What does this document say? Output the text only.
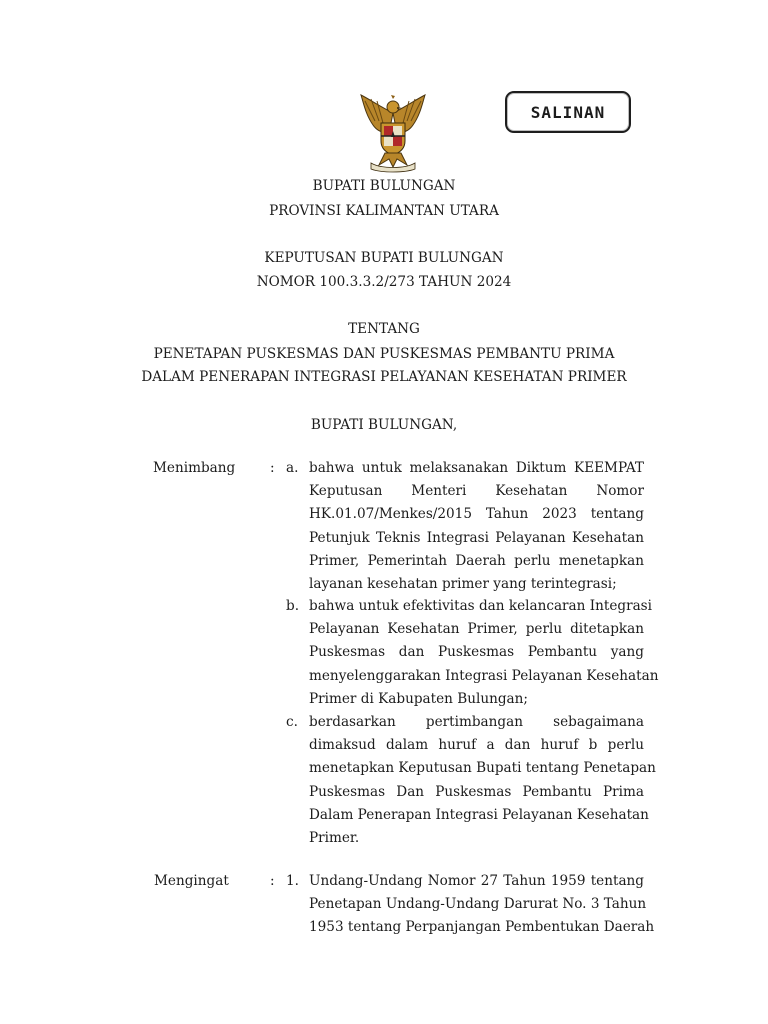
SALINAN
BUPATI BULUNGAN
PROVINSI KALIMANTAN UTARA
KEPUTUSAN BUPATI BULUNGAN
NOMOR 100.3.3.2/273 TAHUN 2024
TENTANG
PENETAPAN PUSKESMAS DAN PUSKESMAS PEMBANTU PRIMA
DALAM PENERAPAN INTEGRASI PELAYANAN KESEHATAN PRIMER
BUPATI BULUNGAN,
Menimbang	: a. bahwa untuk melaksanakan Diktum KEEMPAT
Keputusan Menteri Kesehatan Nomor
HK.01.07/Menkes/2015 Tahun 2023 tentang
Petunjuk Teknis Integrasi Pelayanan Kesehatan
Primer, Pemerintah Daerah perlu menetapkan
layanan kesehatan primer yang terintegrasi;
b. bahwa untuk efektivitas dan kelancaran Integrasi
Pelayanan Kesehatan Primer, perlu ditetapkan
Puskesmas dan Puskesmas Pembantu yang
menyelenggarakan Integrasi Pelayanan Kesehatan
Primer di Kabupaten Bulungan;
c. berdasarkan pertimbangan sebagaimana
dimaksud dalam huruf a dan huruf b perlu
menetapkan Keputusan Bupati tentang Penetapan
Puskesmas Dan Puskesmas Pembantu Prima
Dalam Penerapan Integrasi Pelayanan Kesehatan
Primer.
Mengingat	: 1. Undang-Undang Nomor 27 Tahun 1959 tentang
Penetapan Undang-Undang Darurat No. 3 Tahun
1953 tentang Perpanjangan Pembentukan Daerah
